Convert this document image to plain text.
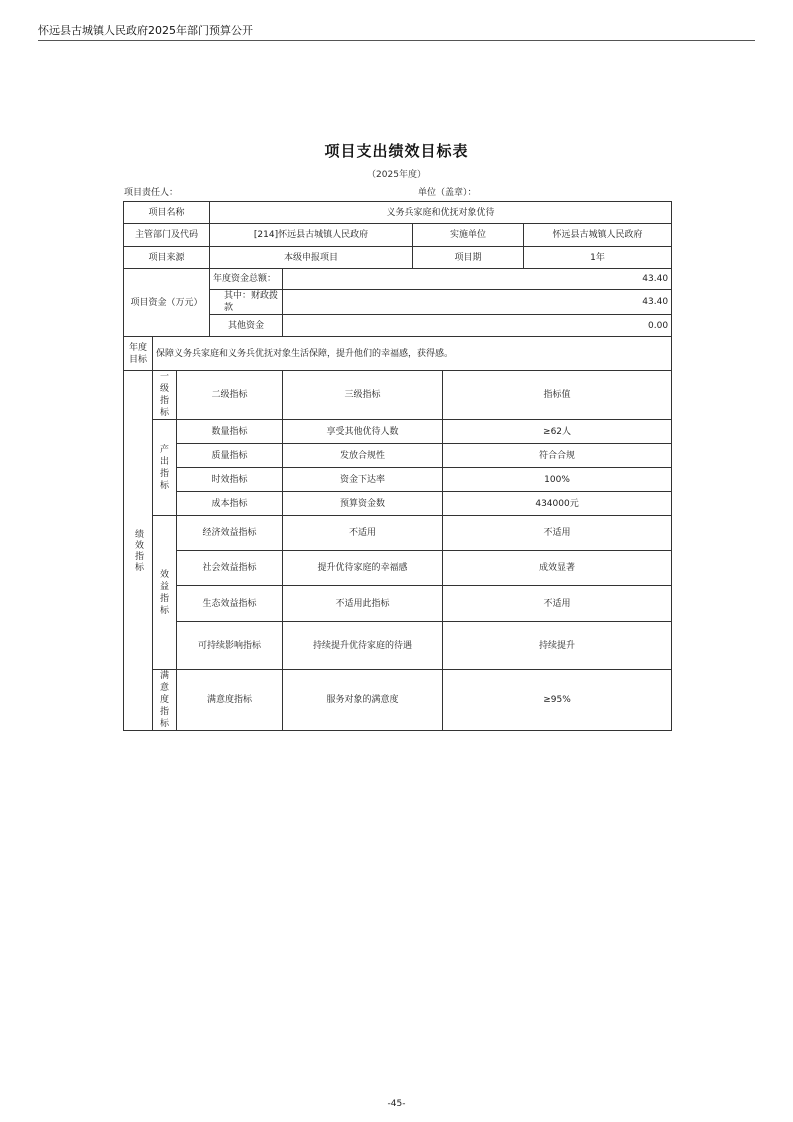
怀远县古城镇人民政府2025年部门预算公开
项目支出绩效目标表
（2025年度）
项目责任人：	单位（盖章）：
项目名称			义务兵家庭和优抚对象优待				
主管部门及代码			[214]怀远县古城镇人民政府		实施单位		怀远县古城镇人民政府
项目来源			本级申报项目		项目期		1年
项目资金（万元）			年度资金总额：	43.40			
			其中：财政拨款	43.40			
			其他资金	0.00			
年度目标	保障义务兵家庭和义务兵优抚对象生活保障，提升他们的幸福感，获得感。						
绩效指标	一级指标	二级指标		三级指标		指标值	
	产出指标	数量指标		享受其他优待人数		≥62人	
		质量指标		发放合规性		符合合规	
		时效指标		资金下达率		100%	
		成本指标		预算资金数		434000元	
	效益指标	经济效益指标		不适用		不适用	
		社会效益指标		提升优待家庭的幸福感		成效显著	
		生态效益指标		不适用此指标		不适用	
		可持续影响指标		持续提升优待家庭的待遇		持续提升	
	满意度指标	满意度指标		服务对象的满意度		≥95%	
-45-
